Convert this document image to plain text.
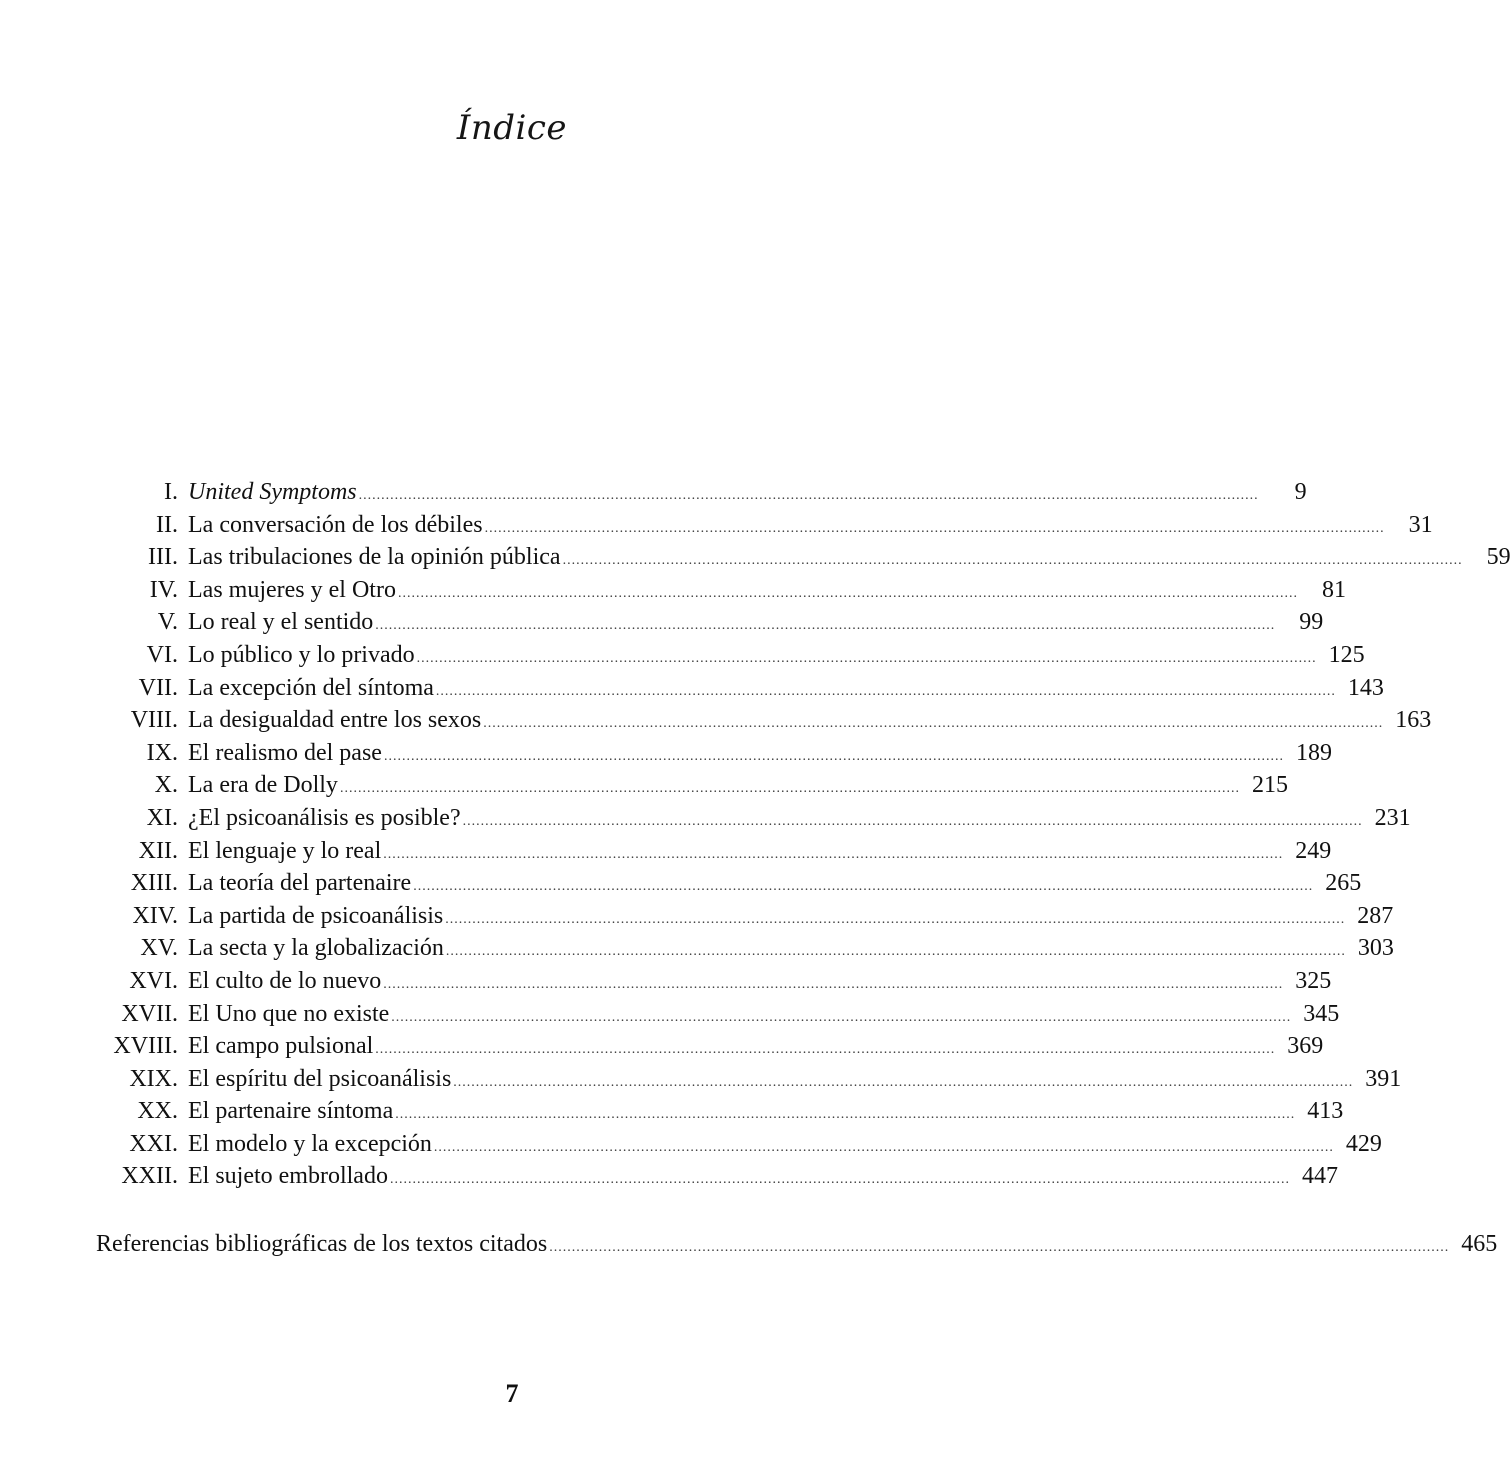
Índice
I. United Symptoms ........................................................................................................................................................................................................	9
II. La conversación de los débiles ........................................................................................................................................................................................................	31
III. Las tribulaciones de la opinión pública ........................................................................................................................................................................................................	59
IV. Las mujeres y el Otro ........................................................................................................................................................................................................	81
V. Lo real y el sentido ........................................................................................................................................................................................................	99
VI. Lo público y lo privado ........................................................................................................................................................................................................ 125
VII. La excepción del síntoma ........................................................................................................................................................................................................ 143
VIII. La desigualdad entre los sexos ........................................................................................................................................................................................................ 163
IX. El realismo del pase ........................................................................................................................................................................................................ 189
X. La era de Dolly ........................................................................................................................................................................................................ 215
XI. ¿El psicoanálisis es posible? ........................................................................................................................................................................................................ 231
XII. El lenguaje y lo real ........................................................................................................................................................................................................ 249
XIII. La teoría del partenaire ........................................................................................................................................................................................................ 265
XIV. La partida de psicoanálisis ........................................................................................................................................................................................................ 287
XV. La secta y la globalización ........................................................................................................................................................................................................ 303
XVI. El culto de lo nuevo ........................................................................................................................................................................................................ 325
XVII. El Uno que no existe ........................................................................................................................................................................................................ 345
XVIII. El campo pulsional ........................................................................................................................................................................................................ 369
XIX. El espíritu del psicoanálisis ........................................................................................................................................................................................................ 391
XX. El partenaire síntoma ........................................................................................................................................................................................................ 413
XXI. El modelo y la excepción ........................................................................................................................................................................................................ 429
XXII. El sujeto embrollado ........................................................................................................................................................................................................ 447
Referencias bibliográficas de los textos citados ........................................................................................................................................................................................................ 465
7
